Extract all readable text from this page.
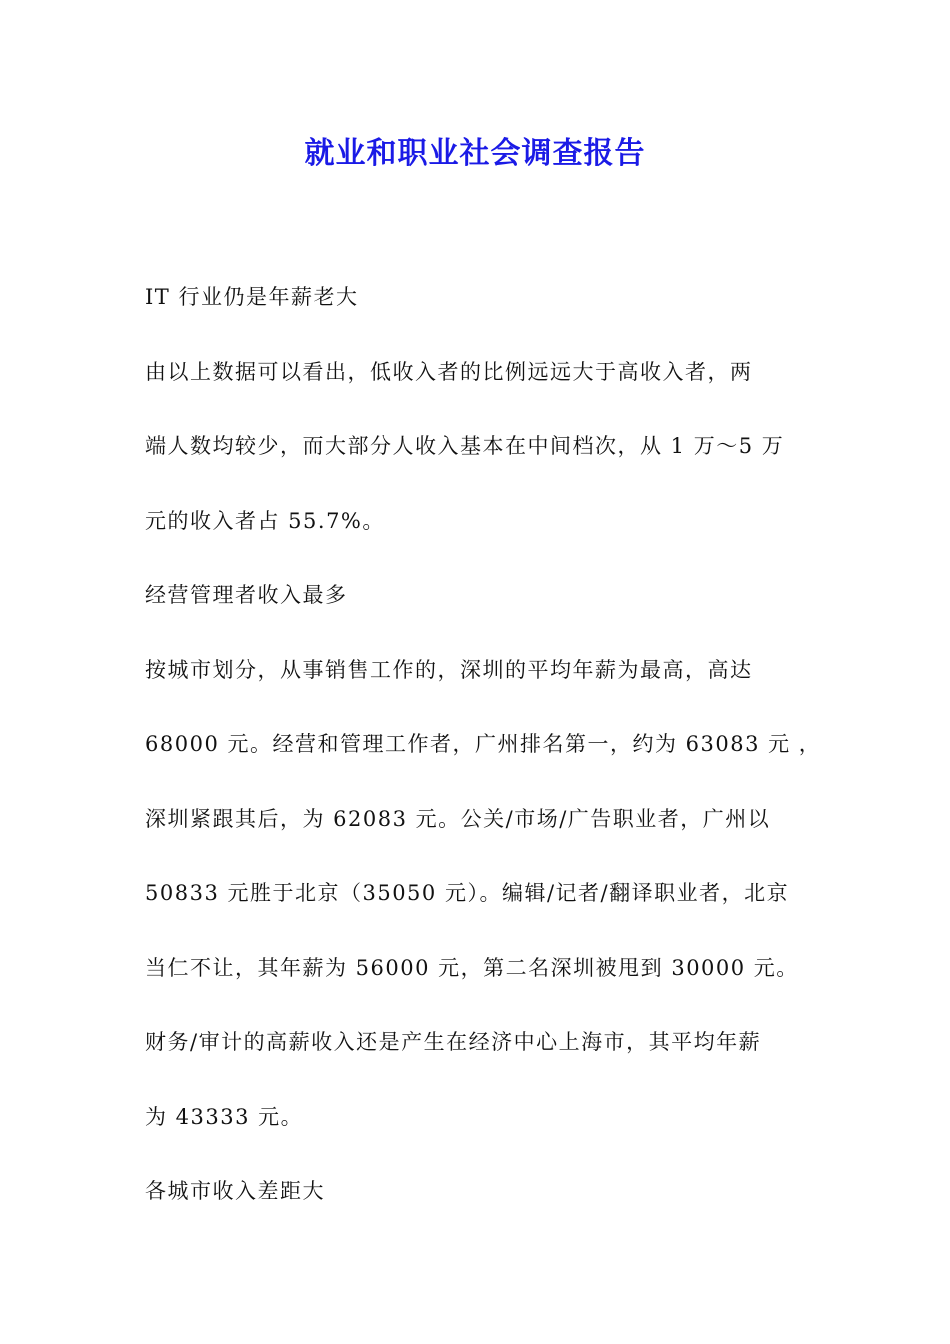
就业和职业社会调查报告

IT 行业仍是年薪老大

由以上数据可以看出，低收入者的比例远远大于高收入者，两
端人数均较少，而大部分人收入基本在中间档次，从 1 万～5 万
元的收入者占 55.7%。

经营管理者收入最多

按城市划分，从事销售工作的，深圳的平均年薪为最高，高达
68000 元。经营和管理工作者，广州排名第一，约为 63083 元 ，
深圳紧跟其后，为 62083 元。公关/市场/广告职业者，广州以
50833 元胜于北京（35050 元）。编辑/记者/翻译职业者，北京
当仁不让，其年薪为 56000 元，第二名深圳被甩到 30000 元。
财务/审计的高薪收入还是产生在经济中心上海市，其平均年薪
为 43333 元。

各城市收入差距大
